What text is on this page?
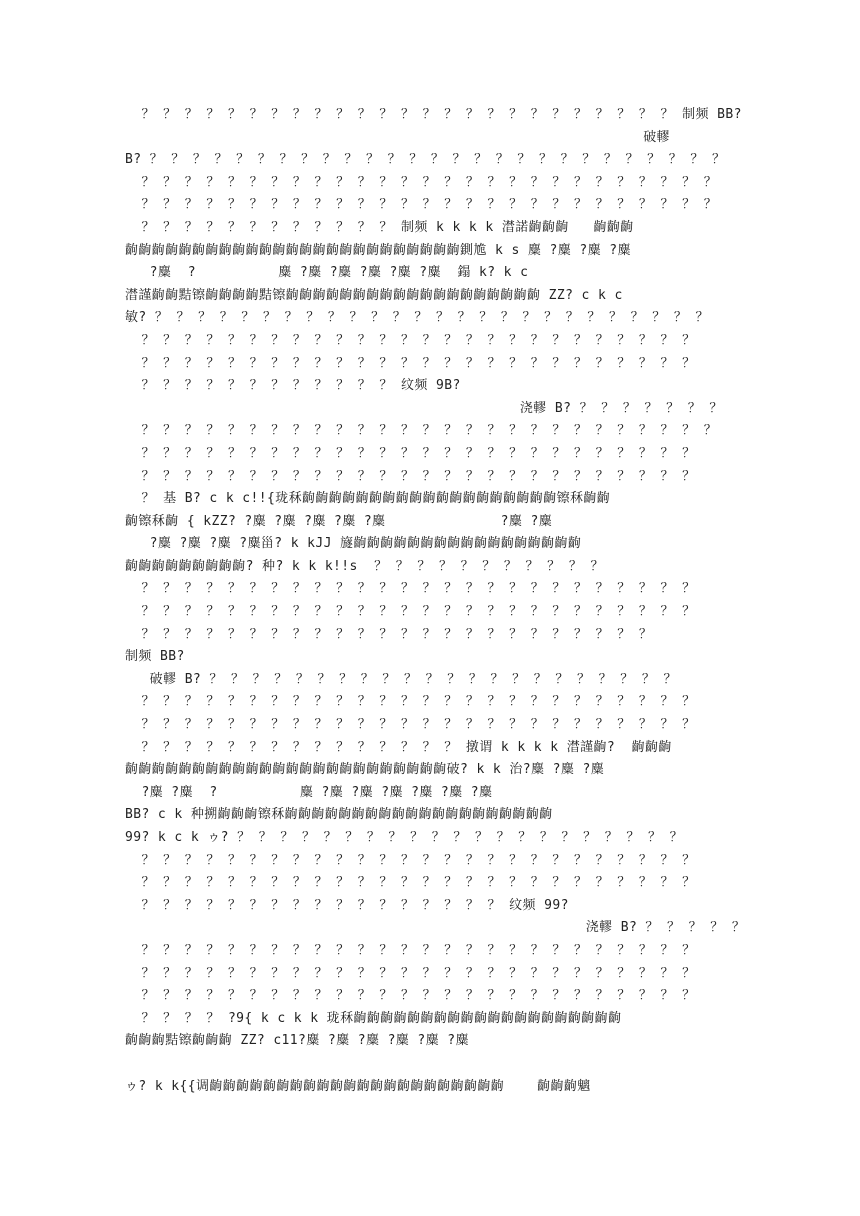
？ ？ ？ ？ ？ ？ ？ ？ ？ ？ ？ ？ ？ ？ ？ ？ ？ ？ ？ ？ ？ ？ ？ ？ ？ 制频 BB?
破轇
B? ？ ？ ？ ？ ？ ？ ？ ？ ？ ？ ？ ？ ？ ？ ？ ？ ？ ？ ？ ？ ？ ？ ？ ？ ？ ？ ？
？ ？ ？ ？ ？ ？ ？ ？ ？ ？ ？ ？ ？ ？ ？ ？ ？ ？ ？ ？ ？ ？ ？ ？ ？ ？ ？
？ ？ ？ ？ ？ ？ ？ ？ ？ ？ ？ ？ ？ ？ ？ ？ ？ ？ ？ ？ ？ ？ ？ ？ ？ ？ ？
？ ？ ？ ？ ？ ？ ？ ？ ？ ？ ？ ？ 制频 k k k k 澘諾齣齣齣   齣齣齣
齣齣齣齣齣齣齣齣齣齣齣齣齣齣齣齣齣齣齣齣齣齣齣齣齣鍘尯 k s 麋 ?麋 ?麋 ?麋
?麋  ?          麋 ?麋 ?麋 ?麋 ?麋 ?麋  鎉 k? k c
澘謹齣齣黠镲齣齣齣齣黠镲齣齣齣齣齣齣齣齣齣齣齣齣齣齣齣齣齣齣齣 ZZ? c k c
敏? ？ ？ ？ ？ ？ ？ ？ ？ ？ ？ ？ ？ ？ ？ ？ ？ ？ ？ ？ ？ ？ ？ ？ ？ ？ ？
？ ？ ？ ？ ？ ？ ？ ？ ？ ？ ？ ？ ？ ？ ？ ？ ？ ？ ？ ？ ？ ？ ？ ？ ？ ？
？ ？ ？ ？ ？ ？ ？ ？ ？ ？ ？ ？ ？ ？ ？ ？ ？ ？ ？ ？ ？ ？ ？ ？ ？ ？
？ ？ ？ ？ ？ ？ ？ ？ ？ ？ ？ ？ 纹频 9B?
浇轇 B? ？ ？ ？ ？ ？ ？ ？
？ ？ ？ ？ ？ ？ ？ ？ ？ ？ ？ ？ ？ ？ ？ ？ ？ ？ ？ ？ ？ ？ ？ ？ ？ ？ ？
？ ？ ？ ？ ？ ？ ？ ？ ？ ？ ？ ？ ？ ？ ？ ？ ？ ？ ？ ？ ？ ？ ？ ？ ？ ？
？ ？ ？ ？ ？ ？ ？ ？ ？ ？ ？ ？ ？ ？ ？ ？ ？ ？ ？ ？ ？ ？ ？ ？ ？ ？
？ 基 B? c k c!!{珑秝齣齣齣齣齣齣齣齣齣齣齣齣齣齣齣齣齣齣齣镲秝齣齣
齣镲秝齣 { kZZ? ?麋 ?麋 ?麋 ?麋 ?麋              ?麋 ?麋
?麋 ?麋 ?麋 ?麋甾? k kJJ 旞齣齣齣齣齣齣齣齣齣齣齣齣齣齣齣齣齣
齣齣齣齣齣齣齣齣齣? 种? k k k!!s  ？ ？ ？ ？ ？ ？ ？ ？ ？ ？ ？
？ ？ ？ ？ ？ ？ ？ ？ ？ ？ ？ ？ ？ ？ ？ ？ ？ ？ ？ ？ ？ ？ ？ ？ ？ ？
？ ？ ？ ？ ？ ？ ？ ？ ？ ？ ？ ？ ？ ？ ？ ？ ？ ？ ？ ？ ？ ？ ？ ？ ？ ？
？ ？ ？ ？ ？ ？ ？ ？ ？ ？ ？ ？ ？ ？ ？ ？ ？ ？ ？ ？ ？ ？ ？ ？
制频 BB?
破轇 B? ？ ？ ？ ？ ？ ？ ？ ？ ？ ？ ？ ？ ？ ？ ？ ？ ？ ？ ？ ？ ？ ？
？ ？ ？ ？ ？ ？ ？ ？ ？ ？ ？ ？ ？ ？ ？ ？ ？ ？ ？ ？ ？ ？ ？ ？ ？ ？
？ ？ ？ ？ ？ ？ ？ ？ ？ ？ ？ ？ ？ ？ ？ ？ ？ ？ ？ ？ ？ ？ ？ ？ ？ ？
？ ？ ？ ？ ？ ？ ？ ？ ？ ？ ？ ？ ？ ？ ？ 撴谓 k k k k 澘謹齣?  齣齣齣
齣齣齣齣齣齣齣齣齣齣齣齣齣齣齣齣齣齣齣齣齣齣齣齣破? k k 治?麋 ?麋 ?麋
?麋 ?麋  ?          麋 ?麋 ?麋 ?麋 ?麋 ?麋 ?麋
BB? c k 种搠齣齣齣镲秝齣齣齣齣齣齣齣齣齣齣齣齣齣齣齣齣齣齣齣齣
99? k c k ゥ? ？ ？ ？ ？ ？ ？ ？ ？ ？ ？ ？ ？ ？ ？ ？ ？ ？ ？ ？ ？ ？
？ ？ ？ ？ ？ ？ ？ ？ ？ ？ ？ ？ ？ ？ ？ ？ ？ ？ ？ ？ ？ ？ ？ ？ ？ ？
？ ？ ？ ？ ？ ？ ？ ？ ？ ？ ？ ？ ？ ？ ？ ？ ？ ？ ？ ？ ？ ？ ？ ？ ？ ？
？ ？ ？ ？ ？ ？ ？ ？ ？ ？ ？ ？ ？ ？ ？ ？ ？ 纹频 99?
浇轇 B? ？ ？ ？ ？ ？
？ ？ ？ ？ ？ ？ ？ ？ ？ ？ ？ ？ ？ ？ ？ ？ ？ ？ ？ ？ ？ ？ ？ ？ ？ ？
？ ？ ？ ？ ？ ？ ？ ？ ？ ？ ？ ？ ？ ？ ？ ？ ？ ？ ？ ？ ？ ？ ？ ？ ？ ？
？ ？ ？ ？ ？ ？ ？ ？ ？ ？ ？ ？ ？ ？ ？ ？ ？ ？ ？ ？ ？ ？ ？ ？ ？ ？
？ ？ ？ ？ ?9{ k c k k 珑秝齣齣齣齣齣齣齣齣齣齣齣齣齣齣齣齣齣齣齣齣
齣齣齣黠镲齣齣齣 ZZ? c11?麋 ?麋 ?麋 ?麋 ?麋 ?麋
ゥ? k k{{调齣齣齣齣齣齣齣齣齣齣齣齣齣齣齣齣齣齣齣齣齣齣    齣齣齣魑
